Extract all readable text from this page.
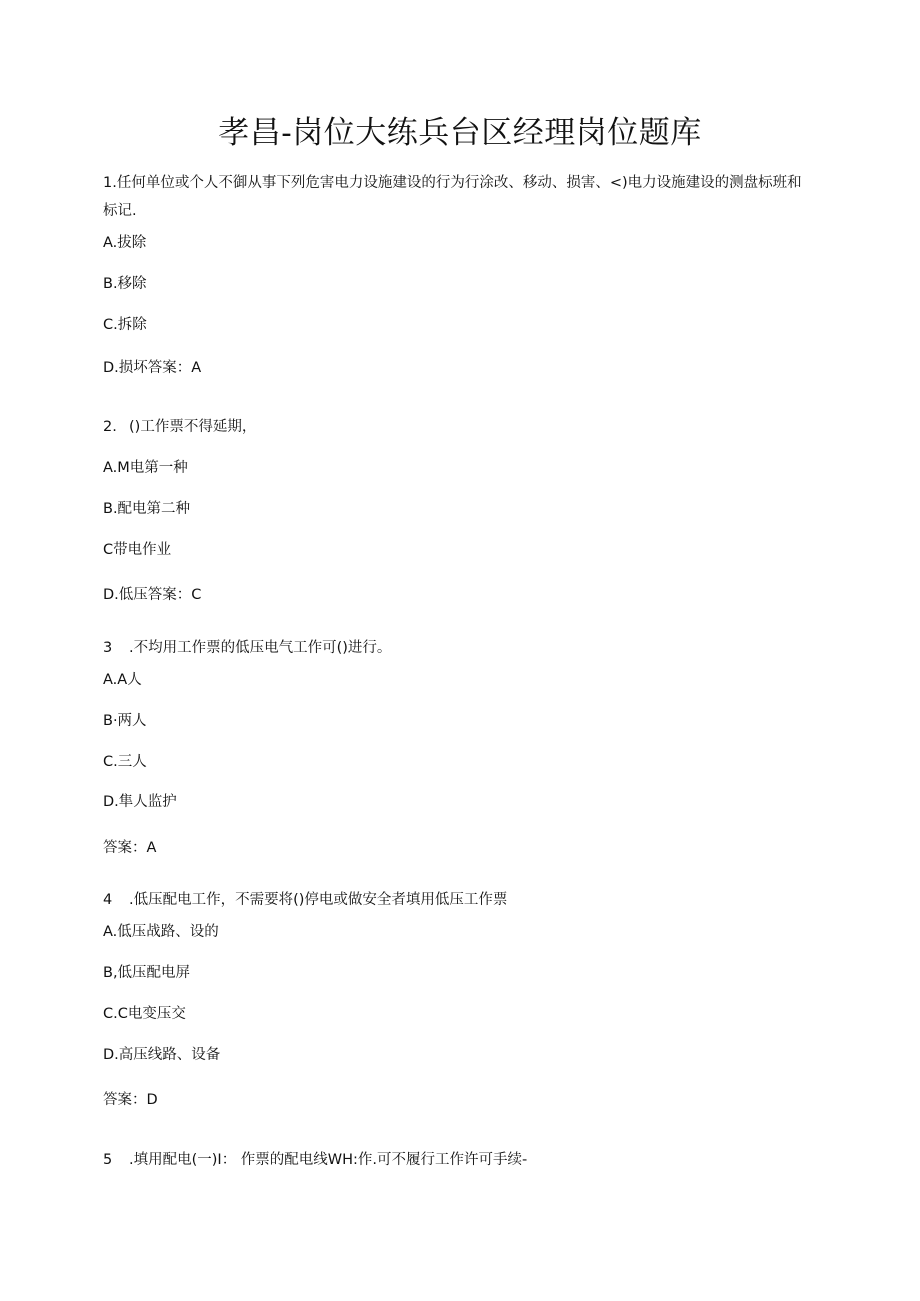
孝昌-岗位大练兵台区经理岗位题库
1.任何单位或个人不御从事下列危害电力设施建设的行为行涂改、移动、损害、<)电力设施建设的测盘标班和
标记.
A.拔除
B.移除
C.拆除
D.损坏答案：A
2. ()工作票不得延期，
A.M电第一种
B.配电第二种
C带电作业
D.低压答案：C
3 .不均用工作票的低压电气工作可()进行。
A.A人
B·两人
C.三人
D.隼人监护
答案：A
4 .低压配电工作，不需要将()停电或做安全者填用低压工作票
A.低压战路、设的
B,低压配电屏
C.C电变压交
D.高压线路、设备
答案：D
5 .填用配电(一)I： 作票的配电线WH:作.可不履行工作许可手续-
